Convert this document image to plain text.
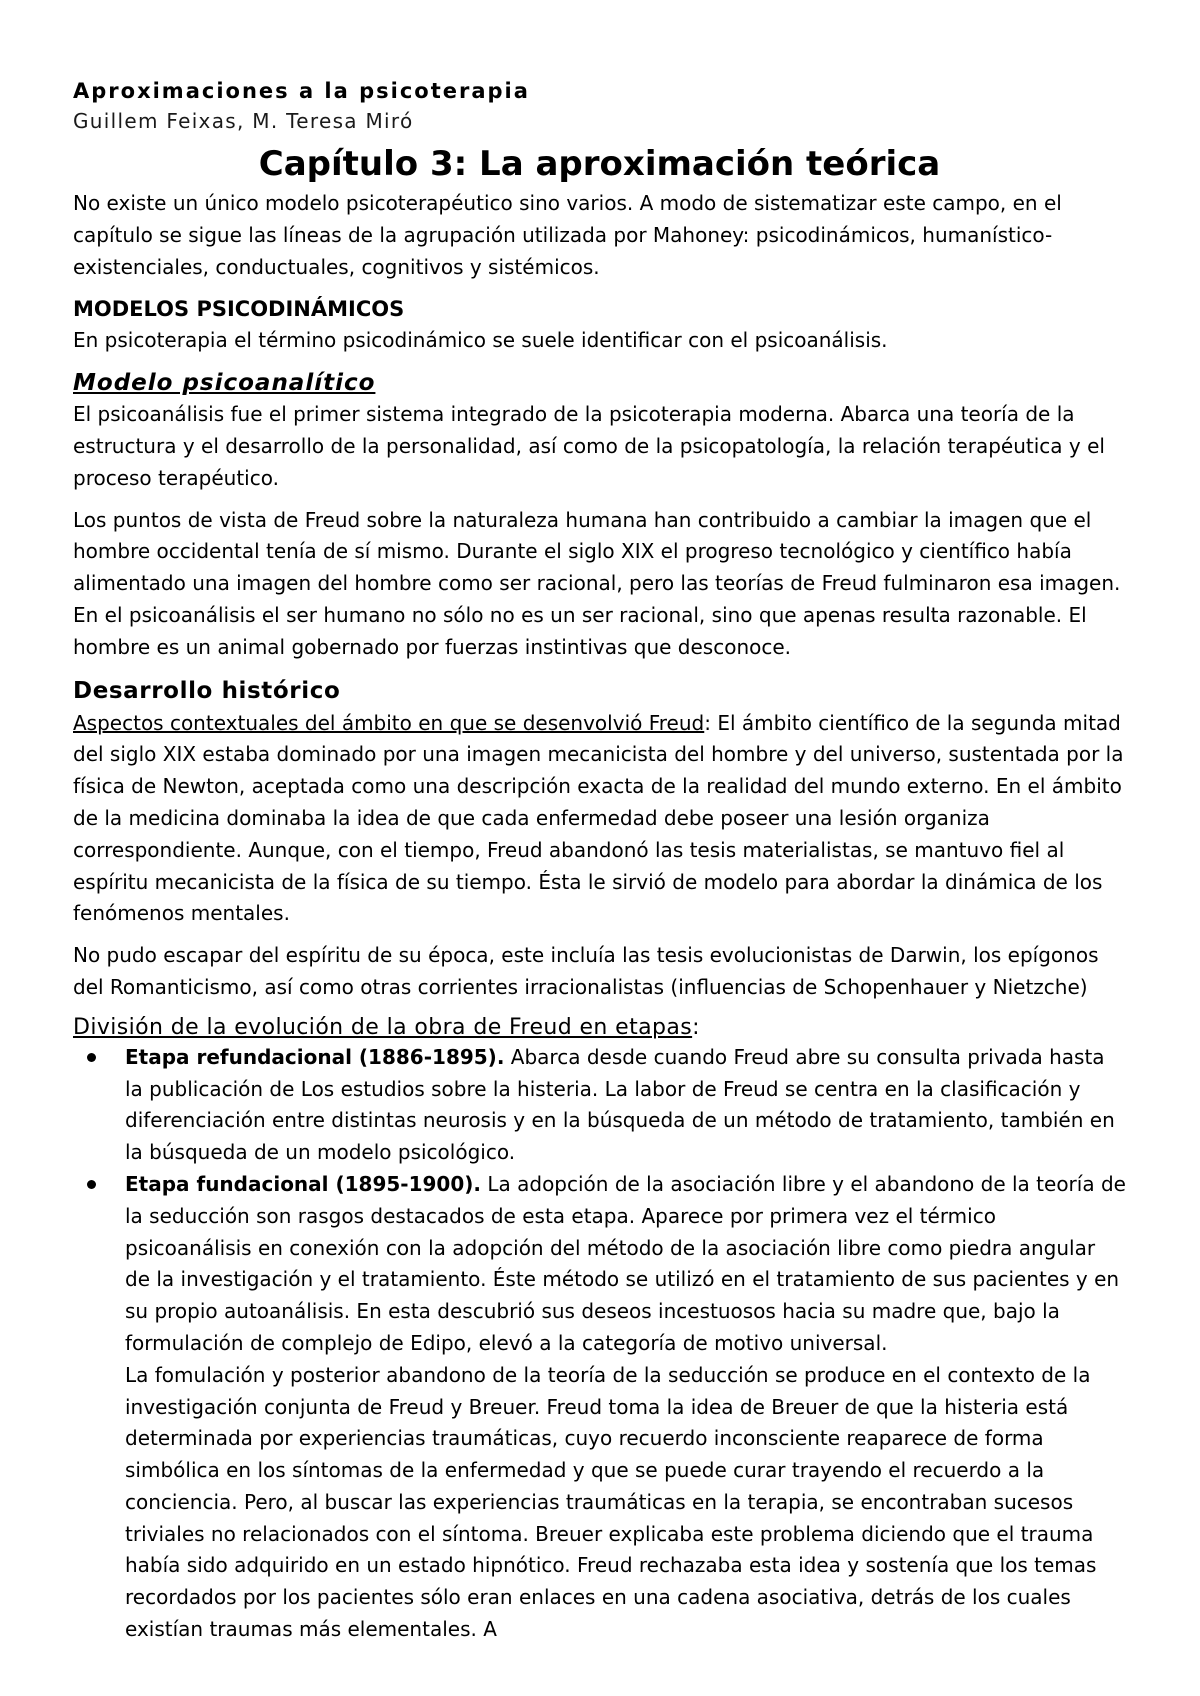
Aproximaciones a la psicoterapia
Guillem Feixas, M. Teresa Miró
Capítulo 3: La aproximación teórica

No existe un único modelo psicoterapéutico sino varios. A modo de sistematizar este campo, en el capítulo se sigue las líneas de la agrupación utilizada por Mahoney: psicodinámicos, humanístico-existenciales, conductuales, cognitivos y sistémicos.

MODELOS PSICODINÁMICOS

En psicoterapia el término psicodinámico se suele identificar con el psicoanálisis.

Modelo psicoanalítico

El psicoanálisis fue el primer sistema integrado de la psicoterapia moderna. Abarca una teoría de la estructura y el desarrollo de la personalidad, así como de la psicopatología, la relación terapéutica y el proceso terapéutico.

Los puntos de vista de Freud sobre la naturaleza humana han contribuido a cambiar la imagen que el hombre occidental tenía de sí mismo. Durante el siglo XIX el progreso tecnológico y científico había alimentado una imagen del hombre como ser racional, pero las teorías de Freud fulminaron esa imagen. En el psicoanálisis el ser humano no sólo no es un ser racional, sino que apenas resulta razonable. El hombre es un animal gobernado por fuerzas instintivas que desconoce.

Desarrollo histórico

Aspectos contextuales del ámbito en que se desenvolvió Freud: El ámbito científico de la segunda mitad del siglo XIX estaba dominado por una imagen mecanicista del hombre y del universo, sustentada por la física de Newton, aceptada como una descripción exacta de la realidad del mundo externo. En el ámbito de la medicina dominaba la idea de que cada enfermedad debe poseer una lesión organiza correspondiente. Aunque, con el tiempo, Freud abandonó las tesis materialistas, se mantuvo fiel al espíritu mecanicista de la física de su tiempo. Ésta le sirvió de modelo para abordar la dinámica de los fenómenos mentales.

No pudo escapar del espíritu de su época, este incluía las tesis evolucionistas de Darwin, los epígonos del Romanticismo, así como otras corrientes irracionalistas (influencias de Schopenhauer y Nietzche)

División de la evolución de la obra de Freud en etapas:

Etapa refundacional (1886-1895). Abarca desde cuando Freud abre su consulta privada hasta la publicación de Los estudios sobre la histeria. La labor de Freud se centra en la clasificación y diferenciación entre distintas neurosis y en la búsqueda de un método de tratamiento, también en la búsqueda de un modelo psicológico.

Etapa fundacional (1895-1900). La adopción de la asociación libre y el abandono de la teoría de la seducción son rasgos destacados de esta etapa. Aparece por primera vez el térmico psicoanálisis en conexión con la adopción del método de la asociación libre como piedra angular de la investigación y el tratamiento. Éste método se utilizó en el tratamiento de sus pacientes y en su propio autoanálisis. En esta descubrió sus deseos incestuosos hacia su madre que, bajo la formulación de complejo de Edipo, elevó a la categoría de motivo universal.

La fomulación y posterior abandono de la teoría de la seducción se produce en el contexto de la investigación conjunta de Freud y Breuer. Freud toma la idea de Breuer de que la histeria está determinada por experiencias traumáticas, cuyo recuerdo inconsciente reaparece de forma simbólica en los síntomas de la enfermedad y que se puede curar trayendo el recuerdo a la conciencia. Pero, al buscar las experiencias traumáticas en la terapia, se encontraban sucesos triviales no relacionados con el síntoma. Breuer explicaba este problema diciendo que el trauma había sido adquirido en un estado hipnótico. Freud rechazaba esta idea y sostenía que los temas recordados por los pacientes sólo eran enlaces en una cadena asociativa, detrás de los cuales existían traumas más elementales. A
